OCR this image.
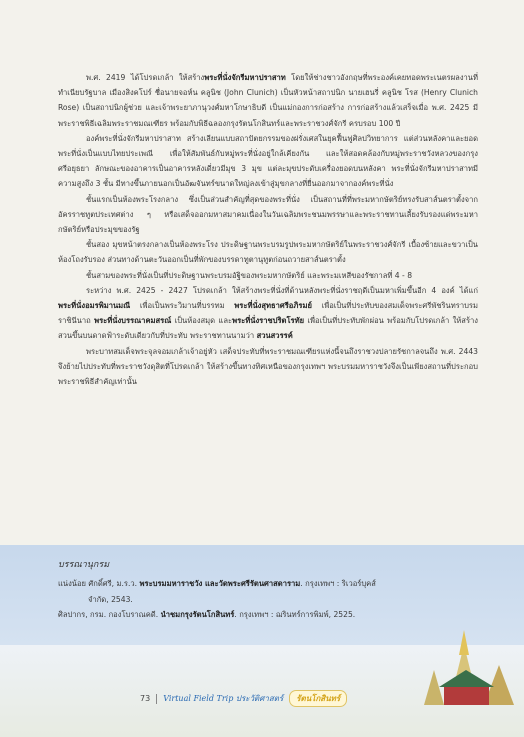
พ.ศ. 2419 ได้โปรดเกล้า ให้สร้างพระที่นั่งจักรีมหาปราสาท โดยให้ช่างชาวอังกฤษที่พระองค์เคยทอดพระเนตรผลงานที่ทำเนียบรัฐบาล เมืองสิงคโปร์ ชื่อนายจอห์น คลูนิช (John Clunich) เป็นหัวหน้าสถาปนิก นายเฮนรี่ คลูนิช โรส (Henry Clunich Rose) เป็นสถาปนิกผู้ช่วย และเจ้าพระยาภานุวงศ์มหาโกษาธิบดี เป็นแม่กองการก่อสร้าง การก่อสร้างแล้วเสร็จเมื่อ พ.ศ. 2425 มีพระราชพิธีเฉลิมพระราชมณเฑียร พร้อมกับพิธีฉลองกรุงรัตนโกสินทร์และพระราชวงศ์จักรี ครบรอบ 100 ปี

องค์พระที่นั่งจักรีมหาปราสาท สร้างเลียนแบบสถาปัตยกรรมของฝรั่งเศสในยุคฟื้นฟูศิลปวิทยาการ แต่ส่วนหลังคาและยอดพระที่นั่งเป็นแบบไทยประเพณี เพื่อให้สัมพันธ์กับหมู่พระที่นั่งอยู่ใกล้เคียงกัน และให้สอดคล้องกับหมู่พระราชวังหลวงของกรุงศรีอยุธยา ลักษณะของอาคารเป็นอาคารหลังเดี่ยวมีมุข 3 มุข แต่ละมุขประดับเครื่องยอดบนหลังคา พระที่นั่งจักรีมหาปราสาทมีความสูงถึง 3 ชั้น มีทางขึ้นภายนอกเป็นอัฒจันทร์ขนาดใหญ่ลงเข้าสู่มุขกลางที่ยื่นออกมาจากองค์พระที่นั่ง

ชั้นแรกเป็นห้องพระโรงกลาง ซึ่งเป็นส่วนสำคัญที่สุดของพระที่นั่ง เป็นสถานที่ที่พระมหากษัตริย์ทรงรับสาส์นตราตั้งจากอัครราชทูตประเทศต่าง ๆ หรือเสด็จออกมหาสมาคมเนื่องในวันเฉลิมพระชนมพรรษาและพระราชทานเลี้ยงรับรองแด่พระมหากษัตริย์หรือประมุขของรัฐ

ชั้นสอง มุขหน้าตรงกลางเป็นห้องพระโรง ประดิษฐานพระบรมรูปพระมหากษัตริย์ในพระราชวงศ์จักรี เบื้องซ้ายและขวาเป็นห้องโถงรับรอง ส่วนทางด้านตะวันออกเป็นที่พักของบรรดาทูตานุทูตก่อนถวายสาส์นตราตั้ง

ชั้นสามของพระที่นั่งเป็นที่ประดิษฐานพระบรมอัฐิของพระมหากษัตริย์ และพระมเหสีของรัชกาลที่ 4 - 8

ระหว่าง พ.ศ. 2425 - 2427 โปรดเกล้า ให้สร้างพระที่นั่งที่ด้านหลังพระที่นั่งราชฤดีเป็นมหาเพิ่มขึ้นอีก 4 องค์ ได้แก่ พระที่นั่งอมรพิมานมณี เพื่อเป็นพระวิมานที่บรรทม พระที่นั่งสุทธาศรีอภิรมย์ เพื่อเป็นที่ประทับของสมเด็จพระศรีพัชรินทราบรมราชินีนาถ พระที่นั่งบรรณาคมสรณ์ เป็นห้องสมุด และพระที่นั่งราชปริตโรทัย เพื่อเป็นที่ประทับพักผ่อน พร้อมกับโปรดเกล้า ให้สร้างสวนขึ้นบนดาดฟ้าระดับเดียวกับที่ประทับ พระราชทานนามว่า สวนสวรรค์

พระบาทสมเด็จพระจุลจอมเกล้าเจ้าอยู่หัว เสด็จประทับที่พระราชมณเฑียรแห่งนี้จนถึงราชวงปลายรัชกาลจนถึง พ.ศ. 2443 จึงย้ายไปประทับที่พระราชวังดุสิตที่โปรดเกล้า ให้สร้างขึ้นทางทิศเหนือของกรุงเทพฯ พระบรมมหาราชวังจึงเป็นเพียงสถานที่ประกอบพระราชพิธีสำคัญเท่านั้น

บรรณานุกรม

แน่งน้อย ศักดิ์ศรี, ม.ร.ว. พระบรมมหาราชวัง และวัดพระศรีรัตนศาสดาราม. กรุงเทพฯ : ริเวอร์บุคส์

จำกัด, 2543.

ศิลปากร, กรม. กองโบราณคดี. นำชมกรุงรัตนโกสินทร์. กรุงเทพฯ : ฌรินทร์การพิมพ์, 2525.

73 Virtual Field Trip ประวัติศาสตร์	รัตนโกสินทร์
